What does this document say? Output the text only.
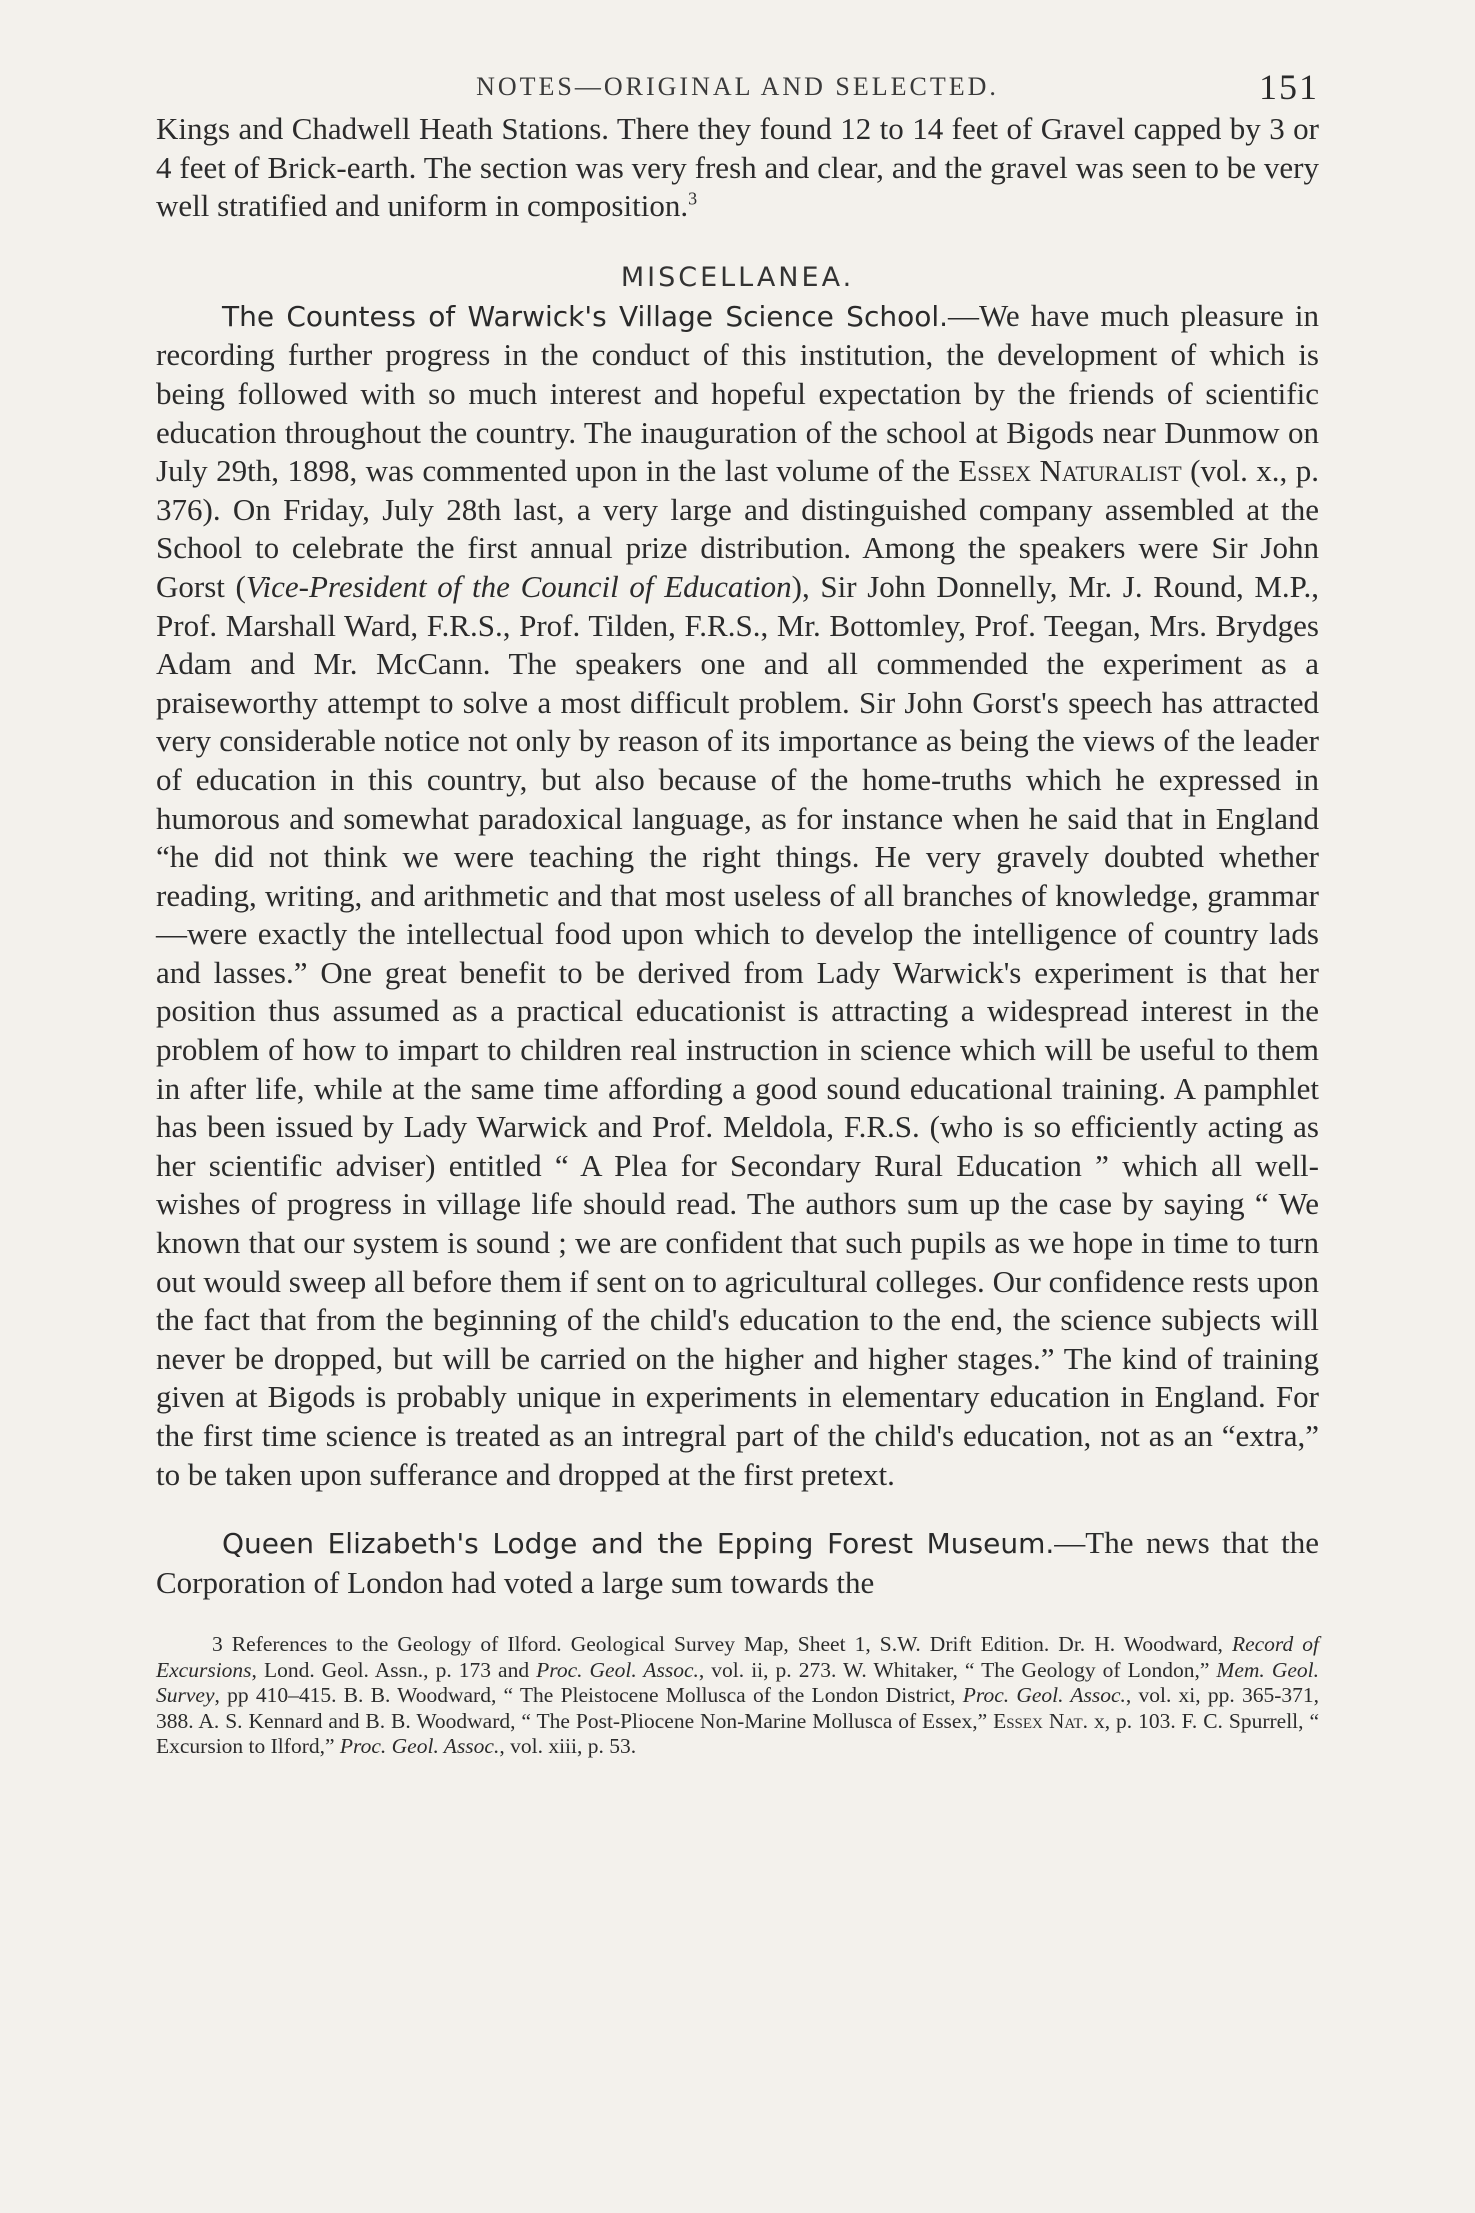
NOTES—ORIGINAL AND SELECTED.	151

Kings and Chadwell Heath Stations. There they found 12 to 14 feet of Gravel capped by 3 or 4 feet of Brick-earth. The section was very fresh and clear, and the gravel was seen to be very well stratified and uniform in composition.$^3$

MISCELLANEA.

The Countess of Warwick's Village Science School.—We have much pleasure in recording further progress in the conduct of this institution, the development of which is being followed with so much interest and hopeful expectation by the friends of scientific education throughout the country. The inauguration of the school at Bigods near Dunmow on July 29th, 1898, was commented upon in the last volume of the Essex Naturalist (vol. x., p. 376). On Friday, July 28th last, a very large and distinguished company assembled at the School to celebrate the first annual prize distribution. Among the speakers were Sir John Gorst (Vice-President of the Council of Education), Sir John Donnelly, Mr. J. Round, M.P., Prof. Marshall Ward, F.R.S., Prof. Tilden, F.R.S., Mr. Bottomley, Prof. Teegan, Mrs. Brydges Adam and Mr. McCann. The speakers one and all commended the experiment as a praiseworthy attempt to solve a most difficult problem. Sir John Gorst's speech has attracted very considerable notice not only by reason of its importance as being the views of the leader of education in this country, but also because of the home-truths which he expressed in humorous and somewhat paradoxical language, as for instance when he said that in England “he did not think we were teaching the right things. He very gravely doubted whether reading, writing, and arithmetic and that most useless of all branches of knowledge, grammar—were exactly the intellectual food upon which to develop the intelligence of country lads and lasses.” One great benefit to be derived from Lady Warwick's experiment is that her position thus assumed as a practical educationist is attracting a widespread interest in the problem of how to impart to children real instruction in science which will be useful to them in after life, while at the same time affording a good sound educational training. A pamphlet has been issued by Lady Warwick and Prof. Meldola, F.R.S. (who is so efficiently acting as her scientific adviser) entitled “ A Plea for Secondary Rural Education ” which all well-wishes of progress in village life should read. The authors sum up the case by saying “ We known that our system is sound ; we are confident that such pupils as we hope in time to turn out would sweep all before them if sent on to agricultural colleges. Our confidence rests upon the fact that from the beginning of the child's education to the end, the science subjects will never be dropped, but will be carried on the higher and higher stages.” The kind of training given at Bigods is probably unique in experiments in elementary education in England. For the first time science is treated as an intregral part of the child's education, not as an “extra,” to be taken upon sufferance and dropped at the first pretext.

Queen Elizabeth's Lodge and the Epping Forest Museum.—The news that the Corporation of London had voted a large sum towards the

3 References to the Geology of Ilford. Geological Survey Map, Sheet 1, S.W. Drift Edition. Dr. H. Woodward, Record of Excursions, Lond. Geol. Assn., p. 173 and Proc. Geol. Assoc., vol. ii, p. 273. W. Whitaker, “ The Geology of London,” Mem. Geol. Survey, pp 410–415. B. B. Woodward, “ The Pleistocene Mollusca of the London District, Proc. Geol. Assoc., vol. xi, pp. 365-371, 388. A. S. Kennard and B. B. Woodward, “ The Post-Pliocene Non-Marine Mollusca of Essex,” Essex Nat. x, p. 103. F. C. Spurrell, “ Excursion to Ilford,” Proc. Geol. Assoc., vol. xiii, p. 53.
